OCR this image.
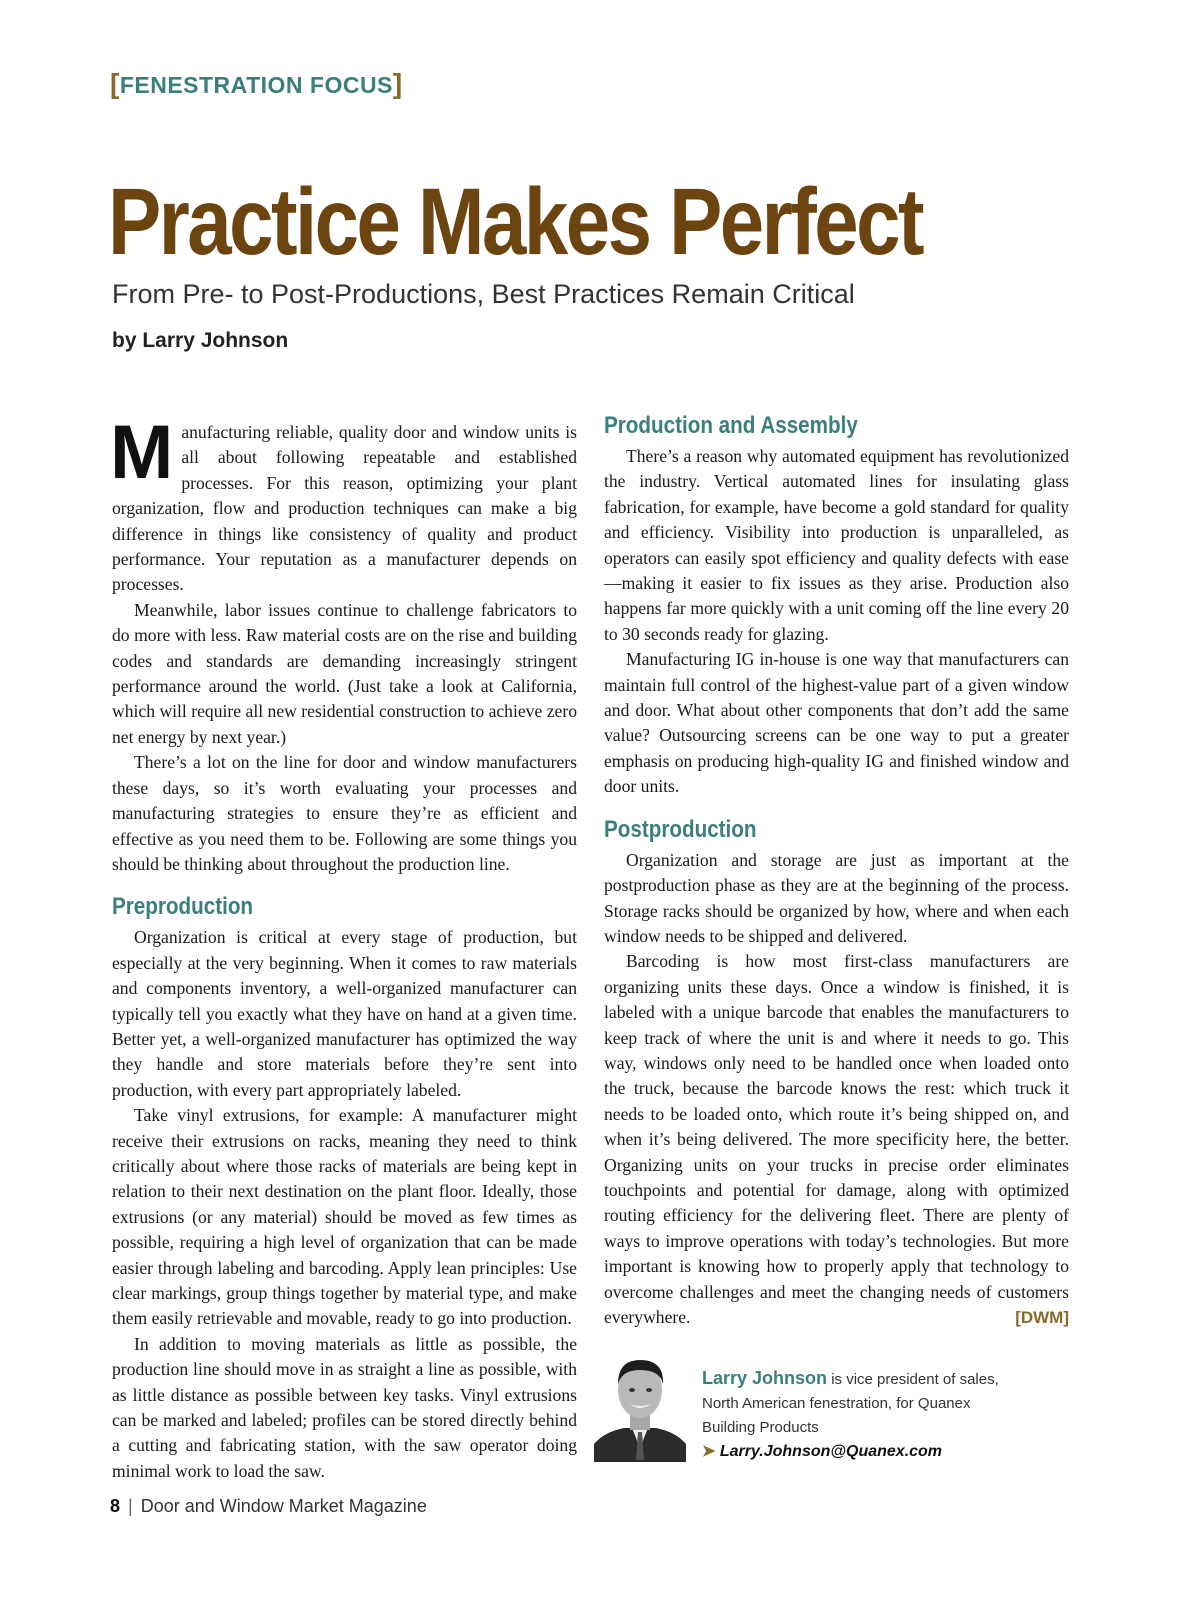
[FENESTRATION FOCUS]
Practice Makes Perfect
From Pre- to Post-Productions, Best Practices Remain Critical
by Larry Johnson

Manufacturing reliable, quality door and window units is all about following repeatable and established processes. For this reason, optimizing your plant organization, flow and production techniques can make a big difference in things like consistency of quality and product performance. Your reputation as a manufacturer depends on processes.

Meanwhile, labor issues continue to challenge fabricators to do more with less. Raw material costs are on the rise and building codes and standards are demanding increasingly stringent performance around the world. (Just take a look at California, which will require all new residential construction to achieve zero net energy by next year.)

There’s a lot on the line for door and window manufacturers these days, so it’s worth evaluating your processes and manufacturing strategies to ensure they’re as efficient and effective as you need them to be. Following are some things you should be thinking about throughout the production line.

Preproduction

Organization is critical at every stage of production, but especially at the very beginning. When it comes to raw materials and components inventory, a well-organized manufacturer can typically tell you exactly what they have on hand at a given time. Better yet, a well-organized manufacturer has optimized the way they handle and store materials before they’re sent into production, with every part appropriately labeled.

Take vinyl extrusions, for example: A manufacturer might receive their extrusions on racks, meaning they need to think critically about where those racks of materials are being kept in relation to their next destination on the plant floor. Ideally, those extrusions (or any material) should be moved as few times as possible, requiring a high level of organization that can be made easier through labeling and barcoding. Apply lean principles: Use clear markings, group things together by material type, and make them easily retrievable and movable, ready to go into production.

In addition to moving materials as little as possible, the production line should move in as straight a line as possible, with as little distance as possible between key tasks. Vinyl extrusions can be marked and labeled; profiles can be stored directly behind a cutting and fabricating station, with the saw operator doing minimal work to load the saw.

Production and Assembly

There’s a reason why automated equipment has revolutionized the industry. Vertical automated lines for insulating glass fabrication, for example, have become a gold standard for quality and efficiency. Visibility into production is unparalleled, as operators can easily spot efficiency and quality defects with ease—making it easier to fix issues as they arise. Production also happens far more quickly with a unit coming off the line every 20 to 30 seconds ready for glazing.

Manufacturing IG in-house is one way that manufacturers can maintain full control of the highest-value part of a given window and door. What about other components that don’t add the same value? Outsourcing screens can be one way to put a greater emphasis on producing high-quality IG and finished window and door units.

Postproduction

Organization and storage are just as important at the postproduction phase as they are at the beginning of the process. Storage racks should be organized by how, where and when each window needs to be shipped and delivered.

Barcoding is how most first-class manufacturers are organizing units these days. Once a window is finished, it is labeled with a unique barcode that enables the manufacturers to keep track of where the unit is and where it needs to go. This way, windows only need to be handled once when loaded onto the truck, because the barcode knows the rest: which truck it needs to be loaded onto, which route it’s being shipped on, and when it’s being delivered. The more specificity here, the better. Organizing units on your trucks in precise order eliminates touchpoints and potential for damage, along with optimized routing efficiency for the delivering fleet. There are plenty of ways to improve operations with today’s technologies. But more important is knowing how to properly apply that technology to overcome challenges and meet the changing needs of customers everywhere.	[DWM]

Larry Johnson is vice president of sales, North American fenestration, for Quanex Building Products
➤ Larry.Johnson@Quanex.com
8 | Door and Window Market Magazine
